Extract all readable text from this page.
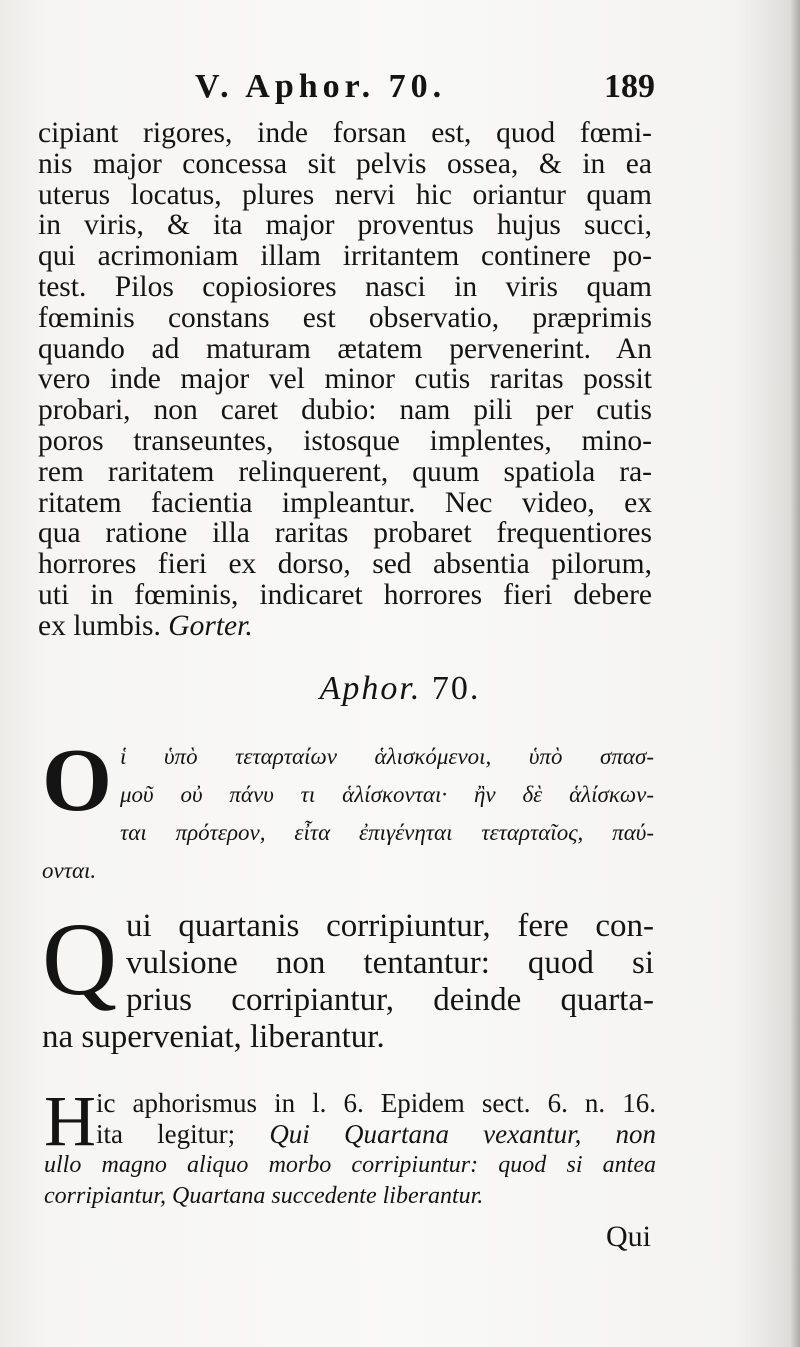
V. Aphor. 70.	189
cipiant rigores, inde forsan est, quod fœmi-
nis major concessa sit pelvis ossea, & in ea
uterus locatus, plures nervi hic oriantur quam
in viris, & ita major proventus hujus succi,
qui acrimoniam illam irritantem continere po-
test. Pilos copiosiores nasci in viris quam
fœminis constans est observatio, præprimis
quando ad maturam ætatem pervenerint. An
vero inde major vel minor cutis raritas possit
probari, non caret dubio: nam pili per cutis
poros transeuntes, istosque implentes, mino-
rem raritatem relinquerent, quum spatiola ra-
ritatem facientia impleantur. Nec video, ex
qua ratione illa raritas probaret frequentiores
horrores fieri ex dorso, sed absentia pilorum,
uti in fœminis, indicaret horrores fieri debere
ex lumbis. Gorter.
Aphor. 70.
O ἱ ὑπὸ τεταρταίων ἁλισκόμενοι, ὑπὸ σπασ-
μοῦ οὐ πάνυ τι ἁλίσκονται· ἢν δὲ ἁλίσκων-
ται πρότερον, εἶτα ἐπιγένηται τεταρταῖος, παύ-
ονται.
Q ui quartanis corripiuntur, fere con-
vulsione non tentantur: quod si
prius corripiantur, deinde quarta-
na superveniat, liberantur.
H ic aphorismus in l. 6. Epidem sect. 6. n. 16.
ita legitur; Qui Quartana vexantur, non
ullo magno aliquo morbo corripiuntur: quod si antea
corripiantur, Quartana succedente liberantur.
Qui
